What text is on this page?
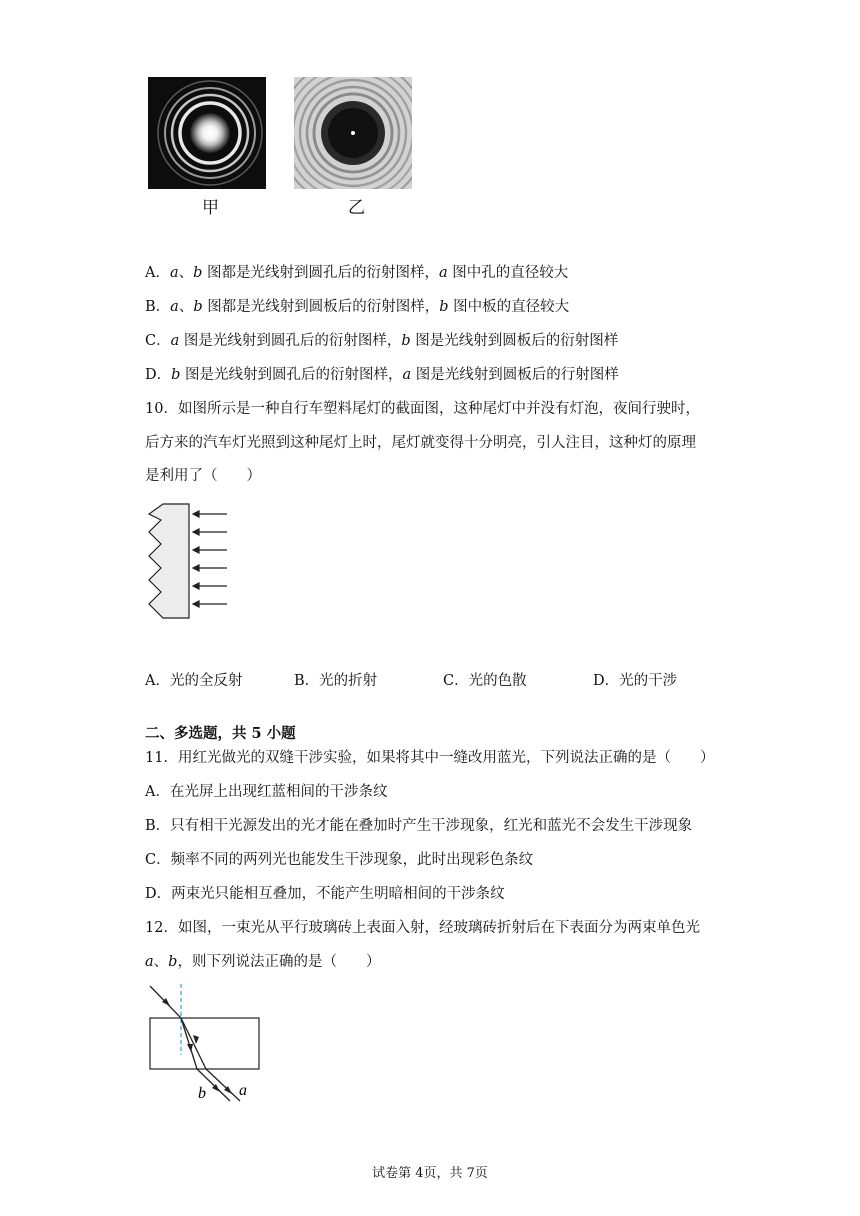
甲	乙
A．a、b 图都是光线射到圆孔后的衍射图样，a 图中孔的直径较大
B．a、b 图都是光线射到圆板后的衍射图样，b 图中板的直径较大
C．a 图是光线射到圆孔后的衍射图样，b 图是光线射到圆板后的衍射图样
D．b 图是光线射到圆孔后的衍射图样，a 图是光线射到圆板后的行射图样
10．如图所示是一种自行车塑料尾灯的截面图，这种尾灯中并没有灯泡，夜间行驶时，
后方来的汽车灯光照到这种尾灯上时，尾灯就变得十分明亮，引人注目，这种灯的原理
是利用了（　　）
A．光的全反射	B．光的折射	C．光的色散	D．光的干涉
二、多选题，共 5 小题
11．用红光做光的双缝干涉实验，如果将其中一缝改用蓝光，下列说法正确的是（　　）
A．在光屏上出现红蓝相间的干涉条纹
B．只有相干光源发出的光才能在叠加时产生干涉现象，红光和蓝光不会发生干涉现象
C．频率不同的两列光也能发生干涉现象，此时出现彩色条纹
D．两束光只能相互叠加，不能产生明暗相间的干涉条纹
12．如图，一束光从平行玻璃砖上表面入射，经玻璃砖折射后在下表面分为两束单色光
a、b，则下列说法正确的是（　　）
b a
试卷第 4页，共 7页
